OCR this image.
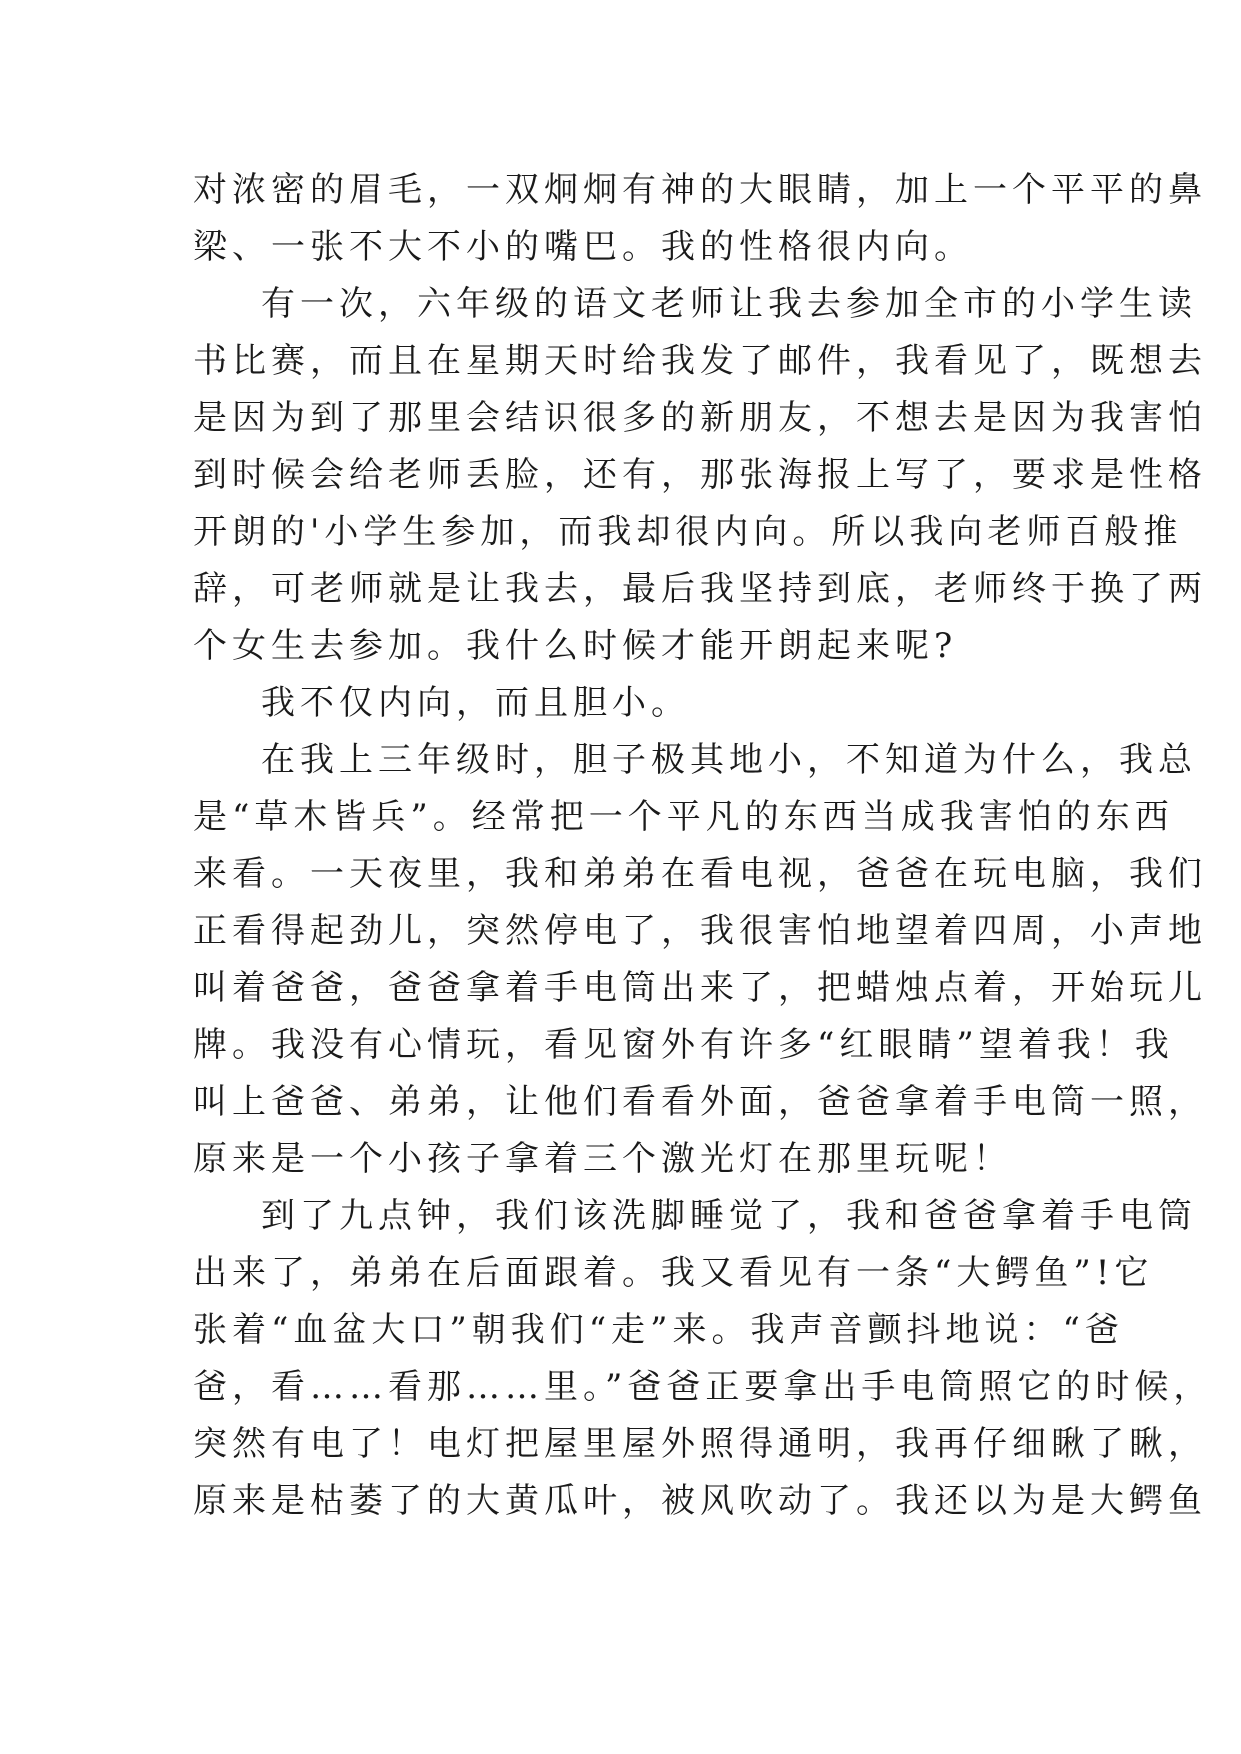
对浓密的眉毛，一双炯炯有神的大眼睛，加上一个平平的鼻
梁、一张不大不小的嘴巴。我的性格很内向。
有一次，六年级的语文老师让我去参加全市的小学生读
书比赛，而且在星期天时给我发了邮件，我看见了，既想去
是因为到了那里会结识很多的新朋友，不想去是因为我害怕
到时候会给老师丢脸，还有，那张海报上写了，要求是性格
开朗的'小学生参加，而我却很内向。所以我向老师百般推
辞，可老师就是让我去，最后我坚持到底，老师终于换了两
个女生去参加。我什么时候才能开朗起来呢?
我不仅内向，而且胆小。
在我上三年级时，胆子极其地小，不知道为什么，我总
是“草木皆兵”。经常把一个平凡的东西当成我害怕的东西
来看。一天夜里，我和弟弟在看电视，爸爸在玩电脑，我们
正看得起劲儿，突然停电了，我很害怕地望着四周，小声地
叫着爸爸，爸爸拿着手电筒出来了，把蜡烛点着，开始玩儿
牌。我没有心情玩，看见窗外有许多“红眼睛”望着我！我
叫上爸爸、弟弟，让他们看看外面，爸爸拿着手电筒一照，
原来是一个小孩子拿着三个激光灯在那里玩呢！
到了九点钟，我们该洗脚睡觉了，我和爸爸拿着手电筒
出来了，弟弟在后面跟着。我又看见有一条“大鳄鱼”!它
张着“血盆大口”朝我们“走”来。我声音颤抖地说：“爸
爸，看……看那……里。”爸爸正要拿出手电筒照它的时候，
突然有电了！电灯把屋里屋外照得通明，我再仔细瞅了瞅，
原来是枯萎了的大黄瓜叶，被风吹动了。我还以为是大鳄鱼
